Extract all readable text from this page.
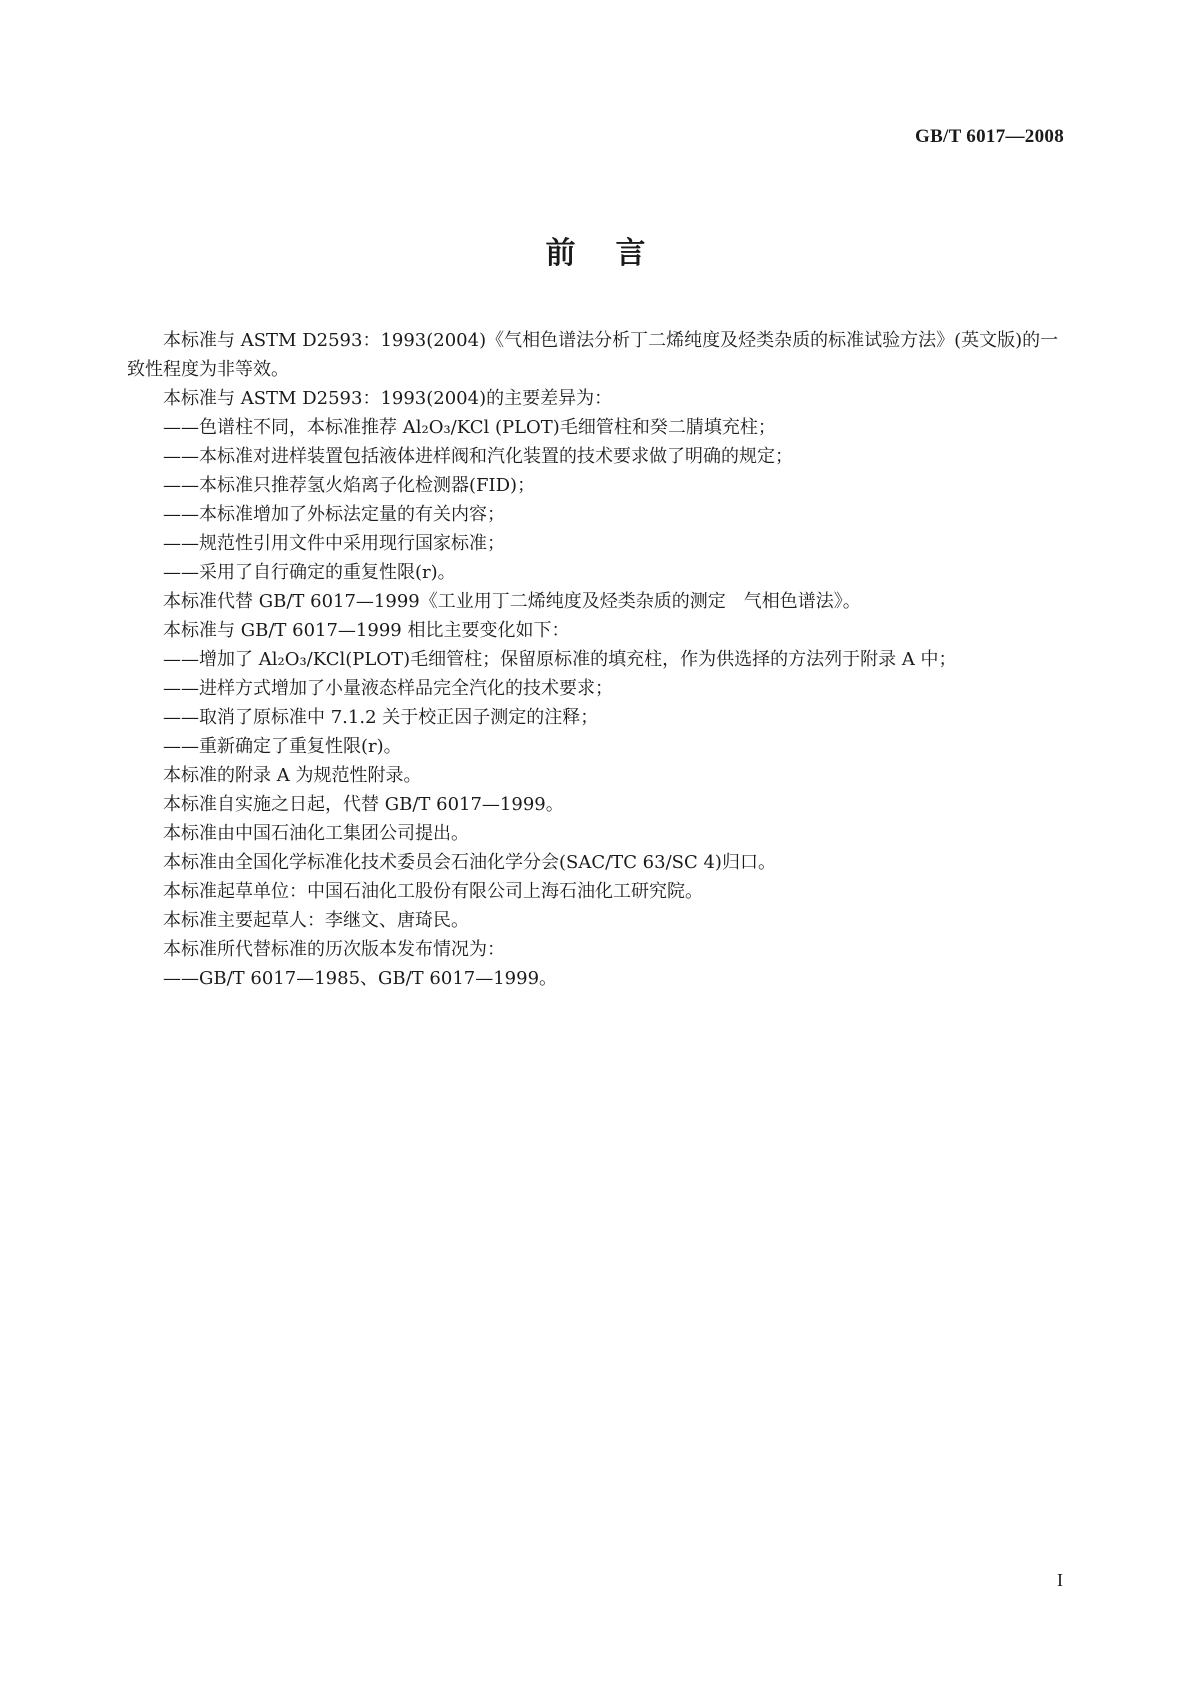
GB/T 6017—2008
前言

本标准与 ASTM D2593：1993(2004)《气相色谱法分析丁二烯纯度及烃类杂质的标准试验方法》(英文版)的一致性程度为非等效。

本标准与 ASTM D2593：1993(2004)的主要差异为：

——色谱柱不同，本标准推荐 Al₂O₃/KCl (PLOT)毛细管柱和癸二腈填充柱；

——本标准对进样装置包括液体进样阀和汽化装置的技术要求做了明确的规定；

——本标准只推荐氢火焰离子化检测器(FID)；

——本标准增加了外标法定量的有关内容；

——规范性引用文件中采用现行国家标准；

——采用了自行确定的重复性限(r)。

本标准代替 GB/T 6017—1999《工业用丁二烯纯度及烃类杂质的测定　气相色谱法》。

本标准与 GB/T 6017—1999 相比主要变化如下：

——增加了 Al₂O₃/KCl(PLOT)毛细管柱；保留原标准的填充柱，作为供选择的方法列于附录 A 中；

——进样方式增加了小量液态样品完全汽化的技术要求；

——取消了原标准中 7.1.2 关于校正因子测定的注释；

——重新确定了重复性限(r)。

本标准的附录 A 为规范性附录。

本标准自实施之日起，代替 GB/T 6017—1999。

本标准由中国石油化工集团公司提出。

本标准由全国化学标准化技术委员会石油化学分会(SAC/TC 63/SC 4)归口。

本标准起草单位：中国石油化工股份有限公司上海石油化工研究院。

本标准主要起草人：李继文、唐琦民。

本标准所代替标准的历次版本发布情况为：

——GB/T 6017—1985、GB/T 6017—1999。

I
